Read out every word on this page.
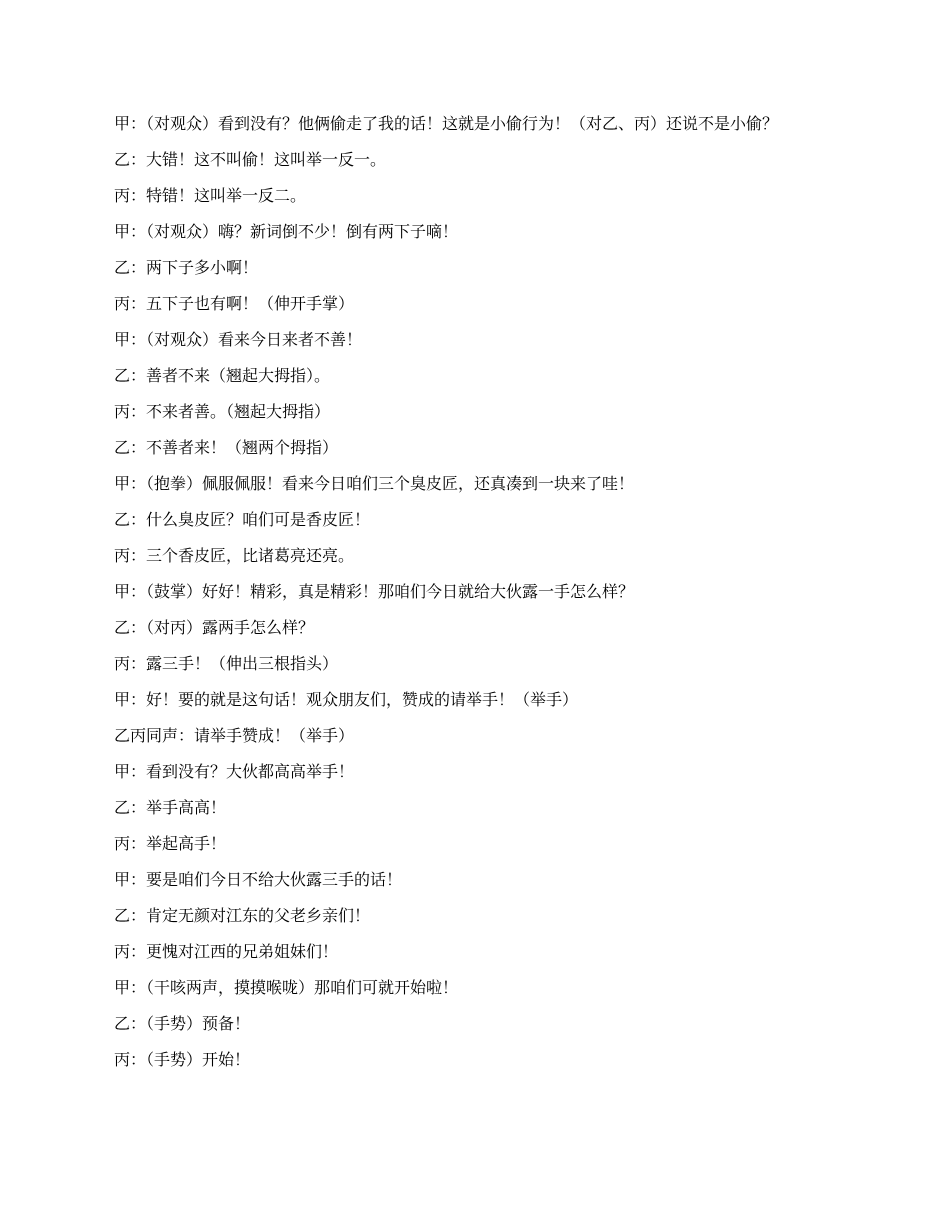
甲：（对观众）看到没有？他俩偷走了我的话！这就是小偷行为！（对乙、丙）还说不是小偷？

乙：大错！这不叫偷！这叫举一反一。

丙：特错！这叫举一反二。

甲：（对观众）嗨？新词倒不少！倒有两下子嘀！

乙：两下子多小啊！

丙：五下子也有啊！（伸开手掌）

甲：（对观众）看来今日来者不善！

乙：善者不来（翘起大拇指）。

丙：不来者善。（翘起大拇指）

乙：不善者来！（翘两个拇指）

甲：（抱拳）佩服佩服！看来今日咱们三个臭皮匠，还真凑到一块来了哇！

乙：什么臭皮匠？咱们可是香皮匠！

丙：三个香皮匠，比诸葛亮还亮。

甲：（鼓掌）好好！精彩，真是精彩！那咱们今日就给大伙露一手怎么样？

乙：（对丙）露两手怎么样？

丙：露三手！（伸出三根指头）

甲：好！要的就是这句话！观众朋友们，赞成的请举手！（举手）

乙丙同声：请举手赞成！（举手）

甲：看到没有？大伙都高高举手！

乙：举手高高！

丙：举起高手！

甲：要是咱们今日不给大伙露三手的话！

乙：肯定无颜对江东的父老乡亲们！

丙：更愧对江西的兄弟姐妹们！

甲：（干咳两声，摸摸喉咙）那咱们可就开始啦！

乙：（手势）预备！

丙：（手势）开始！
